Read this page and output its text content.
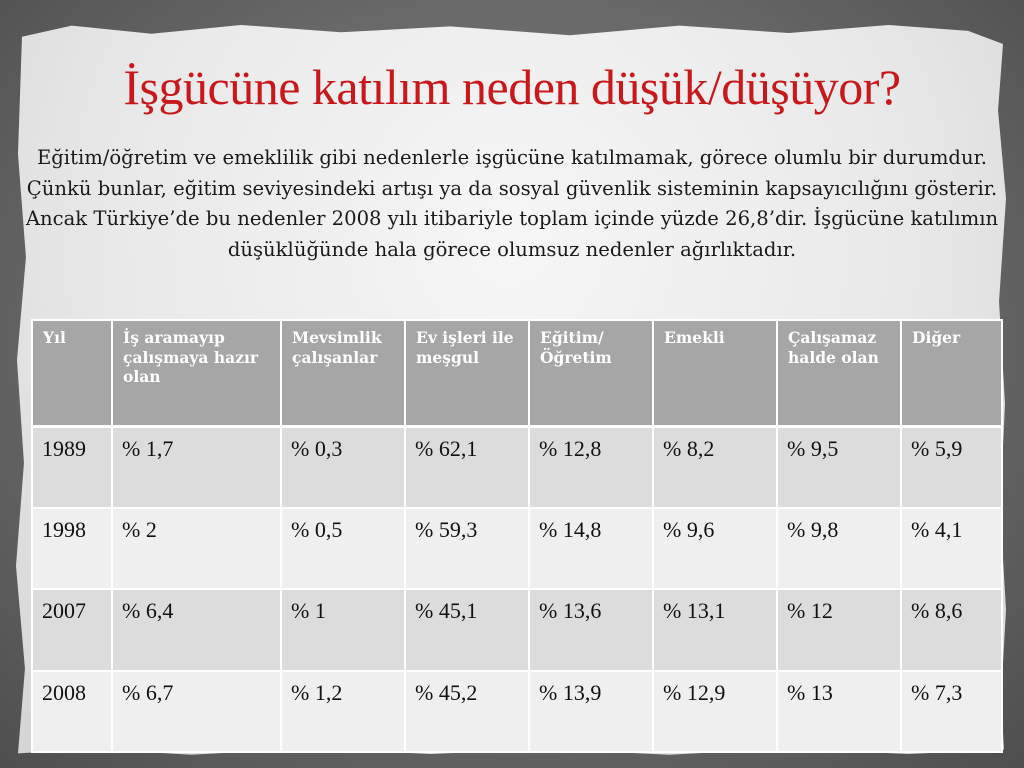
İşgücüne katılım neden düşük/düşüyor?

Eğitim/öğretim ve emeklilik gibi nedenlerle işgücüne katılmamak, görece olumlu bir durumdur. Çünkü bunlar, eğitim seviyesindeki artışı ya da sosyal güvenlik sisteminin kapsayıcılığını gösterir. Ancak Türkiye’de bu nedenler 2008 yılı itibariyle toplam içinde yüzde 26,8’dir. İşgücüne katılımın düşüklüğünde hala görece olumsuz nedenler ağırlıktadır.

Yıl	İş aramayıp çalışmaya hazır olan	Mevsimlik çalışanlar	Ev işleri ile meşgul	Eğitim/ Öğretim	Emekli	Çalışamaz halde olan	Diğer
1989	% 1,7	% 0,3	% 62,1	% 12,8	% 8,2	% 9,5	% 5,9
1998	% 2	% 0,5	% 59,3	% 14,8	% 9,6	% 9,8	% 4,1
2007	% 6,4	% 1	% 45,1	% 13,6	% 13,1	% 12	% 8,6
2008	% 6,7	% 1,2	% 45,2	% 13,9	% 12,9	% 13	% 7,3
